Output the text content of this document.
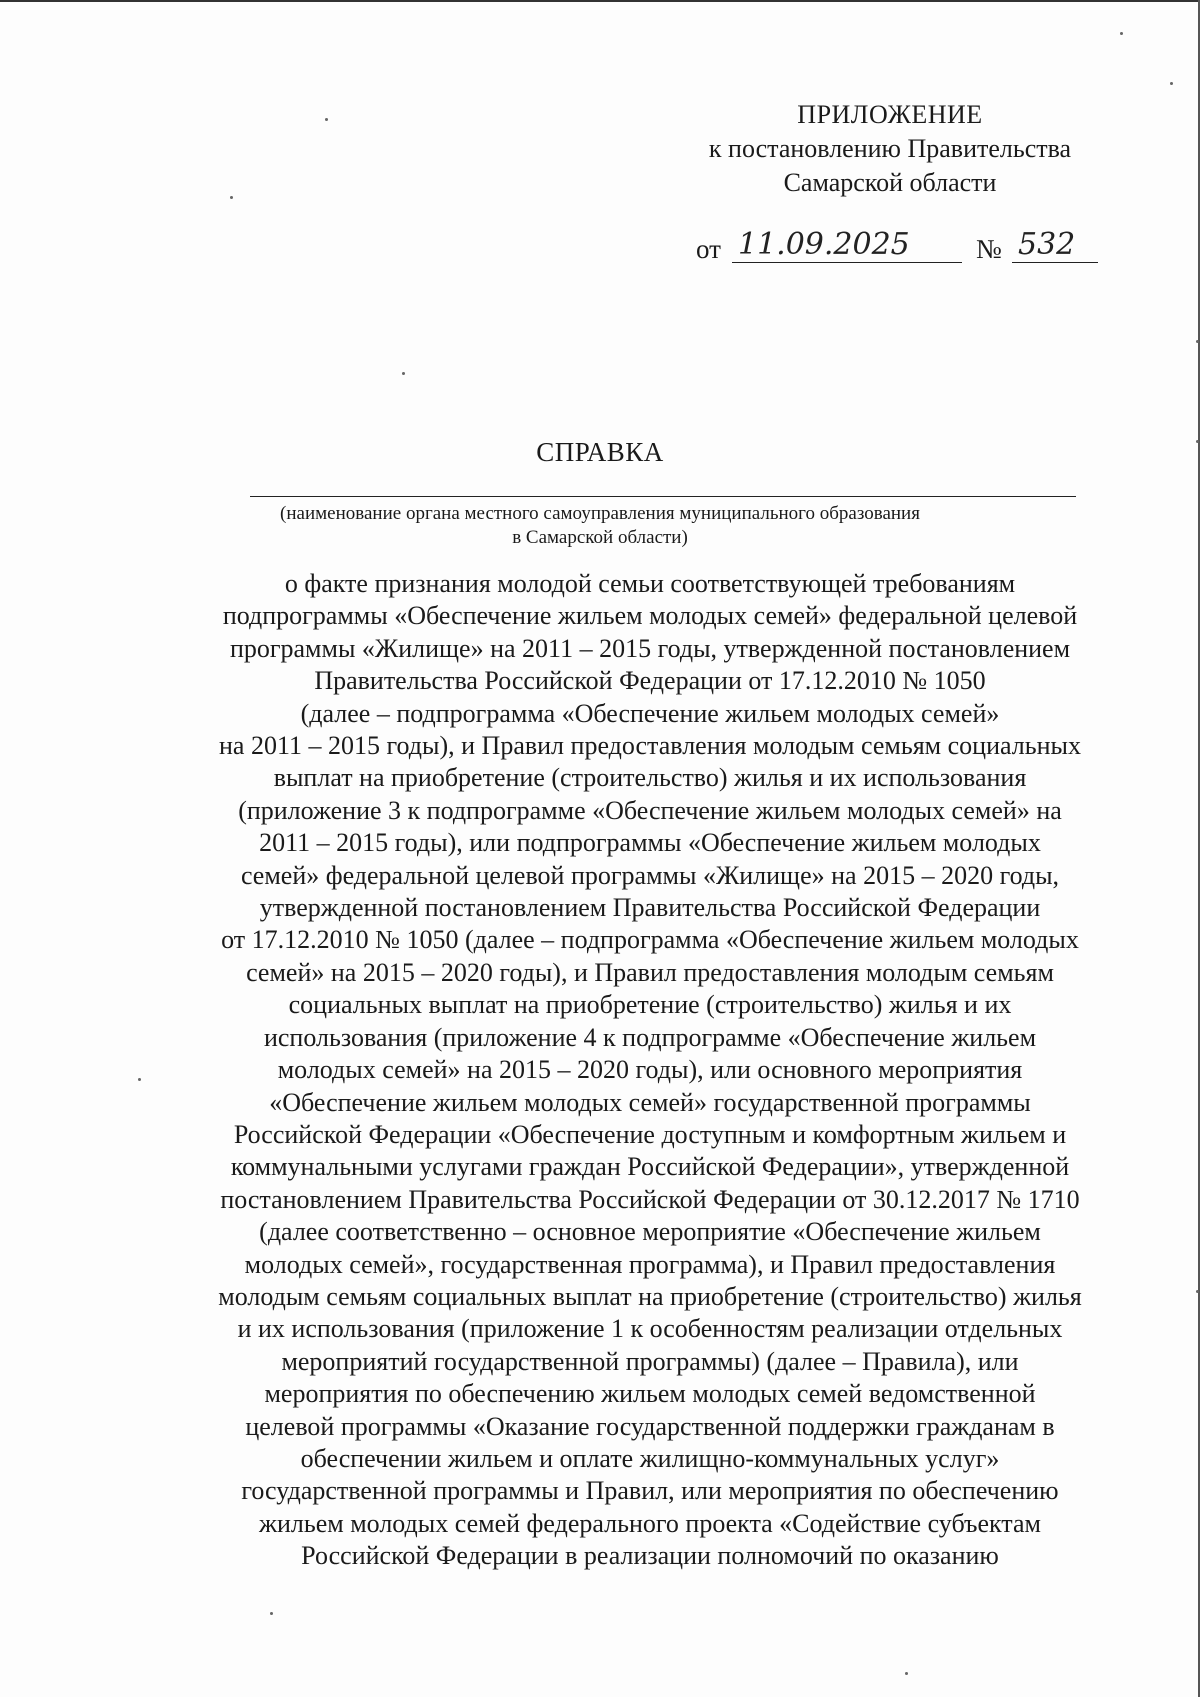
ПРИЛОЖЕНИЕ
к постановлению Правительства
Самарской области
от 11.09.2025	№ 532
СПРАВКА
(наименование органа местного самоуправления муниципального образования
в Самарской области)
о факте признания молодой семьи соответствующей требованиям
подпрограммы «Обеспечение жильем молодых семей» федеральной целевой
программы «Жилище» на 2011 – 2015 годы, утвержденной постановлением
Правительства Российской Федерации от 17.12.2010 № 1050
(далее – подпрограмма «Обеспечение жильем молодых семей»
на 2011 – 2015 годы), и Правил предоставления молодым семьям социальных
выплат на приобретение (строительство) жилья и их использования
(приложение 3 к подпрограмме «Обеспечение жильем молодых семей» на
2011 – 2015 годы), или подпрограммы «Обеспечение жильем молодых
семей» федеральной целевой программы «Жилище» на 2015 – 2020 годы,
утвержденной постановлением Правительства Российской Федерации
от 17.12.2010 № 1050 (далее – подпрограмма «Обеспечение жильем молодых
семей» на 2015 – 2020 годы), и Правил предоставления молодым семьям
социальных выплат на приобретение (строительство) жилья и их
использования (приложение 4 к подпрограмме «Обеспечение жильем
молодых семей» на 2015 – 2020 годы), или основного мероприятия
«Обеспечение жильем молодых семей» государственной программы
Российской Федерации «Обеспечение доступным и комфортным жильем и
коммунальными услугами граждан Российской Федерации», утвержденной
постановлением Правительства Российской Федерации от 30.12.2017 № 1710
(далее соответственно – основное мероприятие «Обеспечение жильем
молодых семей», государственная программа), и Правил предоставления
молодым семьям социальных выплат на приобретение (строительство) жилья
и их использования (приложение 1 к особенностям реализации отдельных
мероприятий государственной программы) (далее – Правила), или
мероприятия по обеспечению жильем молодых семей ведомственной
целевой программы «Оказание государственной поддержки гражданам в
обеспечении жильем и оплате жилищно-коммунальных услуг»
государственной программы и Правил, или мероприятия по обеспечению
жильем молодых семей федерального проекта «Содействие субъектам
Российской Федерации в реализации полномочий по оказанию
